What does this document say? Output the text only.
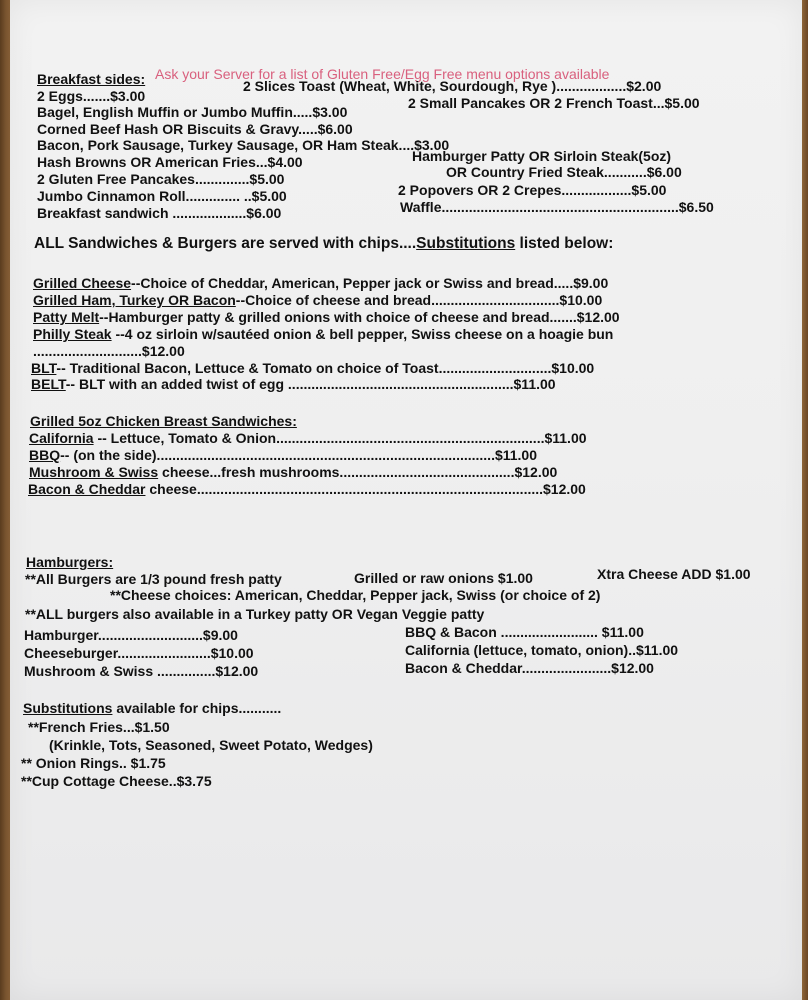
Breakfast sides: Ask your Server for a list of Gluten Free/Egg Free menu options available
2 Eggs.......$3.00
2 Slices Toast (Wheat, White, Sourdough, Rye )..................$2.00
Bagel, English Muffin or Jumbo Muffin.....$3.00
2 Small Pancakes OR 2 French Toast...$5.00
Corned Beef Hash OR Biscuits & Gravy.....$6.00
Bacon, Pork Sausage, Turkey Sausage, OR Ham Steak....$3.00
Hash Browns OR American Fries...$4.00	Hamburger Patty OR Sirloin Steak(5oz)
2 Gluten Free Pancakes..............$5.00	OR Country Fried Steak...........$6.00
Jumbo Cinnamon Roll.............. ..$5.00	2 Popovers OR 2 Crepes..................$5.00
Breakfast sandwich ...................$6.00	Waffle.............................................................$6.50
ALL Sandwiches & Burgers are served with chips....Substitutions listed below:
Grilled Cheese--Choice of Cheddar, American, Pepper jack or Swiss and bread.....$9.00
Grilled Ham, Turkey OR Bacon--Choice of cheese and bread.................................$10.00
Patty Melt--Hamburger patty & grilled onions with choice of cheese and bread.......$12.00
Philly Steak --4 oz sirloin w/sautéed onion & bell pepper, Swiss cheese on a hoagie bun
............................$12.00
BLT-- Traditional Bacon, Lettuce & Tomato on choice of Toast.............................$10.00
BELT-- BLT with an added twist of egg ..........................................................$11.00
Grilled 5oz Chicken Breast Sandwiches:
California -- Lettuce, Tomato & Onion.....................................................................$11.00
BBQ-- (on the side).......................................................................................$11.00
Mushroom & Swiss cheese...fresh mushrooms.............................................$12.00
Bacon & Cheddar cheese.........................................................................................$12.00
Hamburgers:
**All Burgers are 1/3 pound fresh patty	Grilled or raw onions $1.00	Xtra Cheese ADD $1.00
**Cheese choices: American, Cheddar, Pepper jack, Swiss (or choice of 2)
**ALL burgers also available in a Turkey patty OR Vegan Veggie patty
Hamburger...........................$9.00
Cheeseburger........................$10.00
Mushroom & Swiss ...............$12.00
BBQ & Bacon ......................... $11.00
California (lettuce, tomato, onion)..$11.00
Bacon & Cheddar.......................$12.00
Substitutions available for chips...........
**French Fries...$1.50
(Krinkle, Tots, Seasoned, Sweet Potato, Wedges)
** Onion Rings.. $1.75
**Cup Cottage Cheese..$3.75
